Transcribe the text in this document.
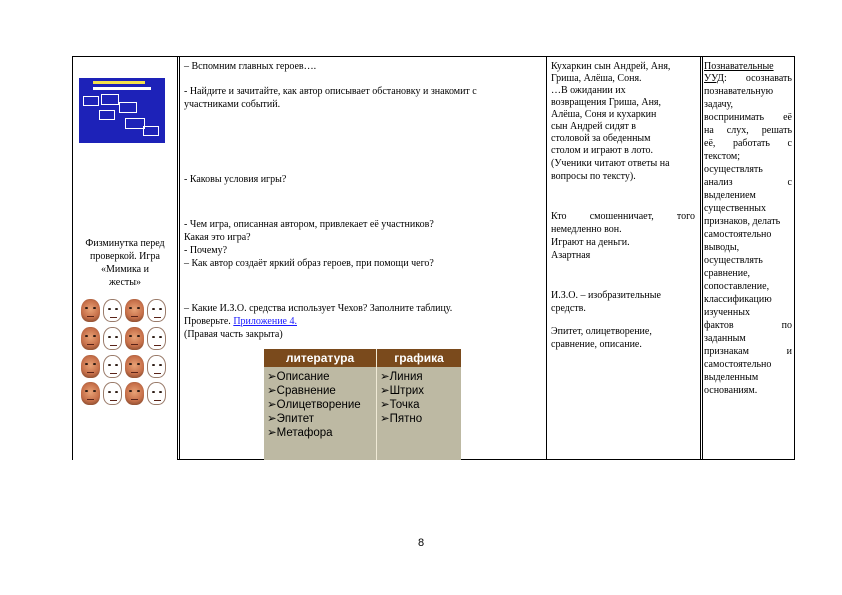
Физминутка перед
проверкой. Игра
«Мимика и
жесты»
– Вспомним главных героев….
- Найдите и зачитайте, как автор описывает обстановку и знакомит с
участниками событий.
- Каковы условия игры?
- Чем игра, описанная автором, привлекает её участников?
Какая это игра?
- Почему?
– Как автор создаёт яркий образ героев, при помощи чего?
– Какие И.З.О. средства использует Чехов? Заполните таблицу.
Проверьте. Приложение 4.
(Правая часть закрыта)
литература	графика
➢Описание
➢Сравнение
➢Олицетворение
➢Эпитет
➢Метафора
➢Линия
➢Штрих
➢Точка
➢Пятно
Кухаркин сын Андрей, Аня,
Гриша, Алёша, Соня.
…В ожидании их
возвращения Гриша, Аня,
Алёша, Соня и кухаркин
сын Андрей сидят в
столовой за обеденным
столом и играют в лото.
(Ученики читают ответы на
вопросы по тексту).
Кто смошенничает, того
немедленно вон.
Играют на деньги.
Азартная
И.З.О. – изобразительные
средств.
Эпитет, олицетворение,
сравнение, описание.
Познавательные
УУД: осознавать
познавательную
задачу,
воспринимать её
на слух, решать
её, работать с
текстом;
осуществлять
анализ с
выделением
существенных
признаков, делать
самостоятельно
выводы,
осуществлять
сравнение,
сопоставление,
классификацию
изученных
фактов по
заданным
признакам и
самостоятельно
выделенным
основаниям.
8
